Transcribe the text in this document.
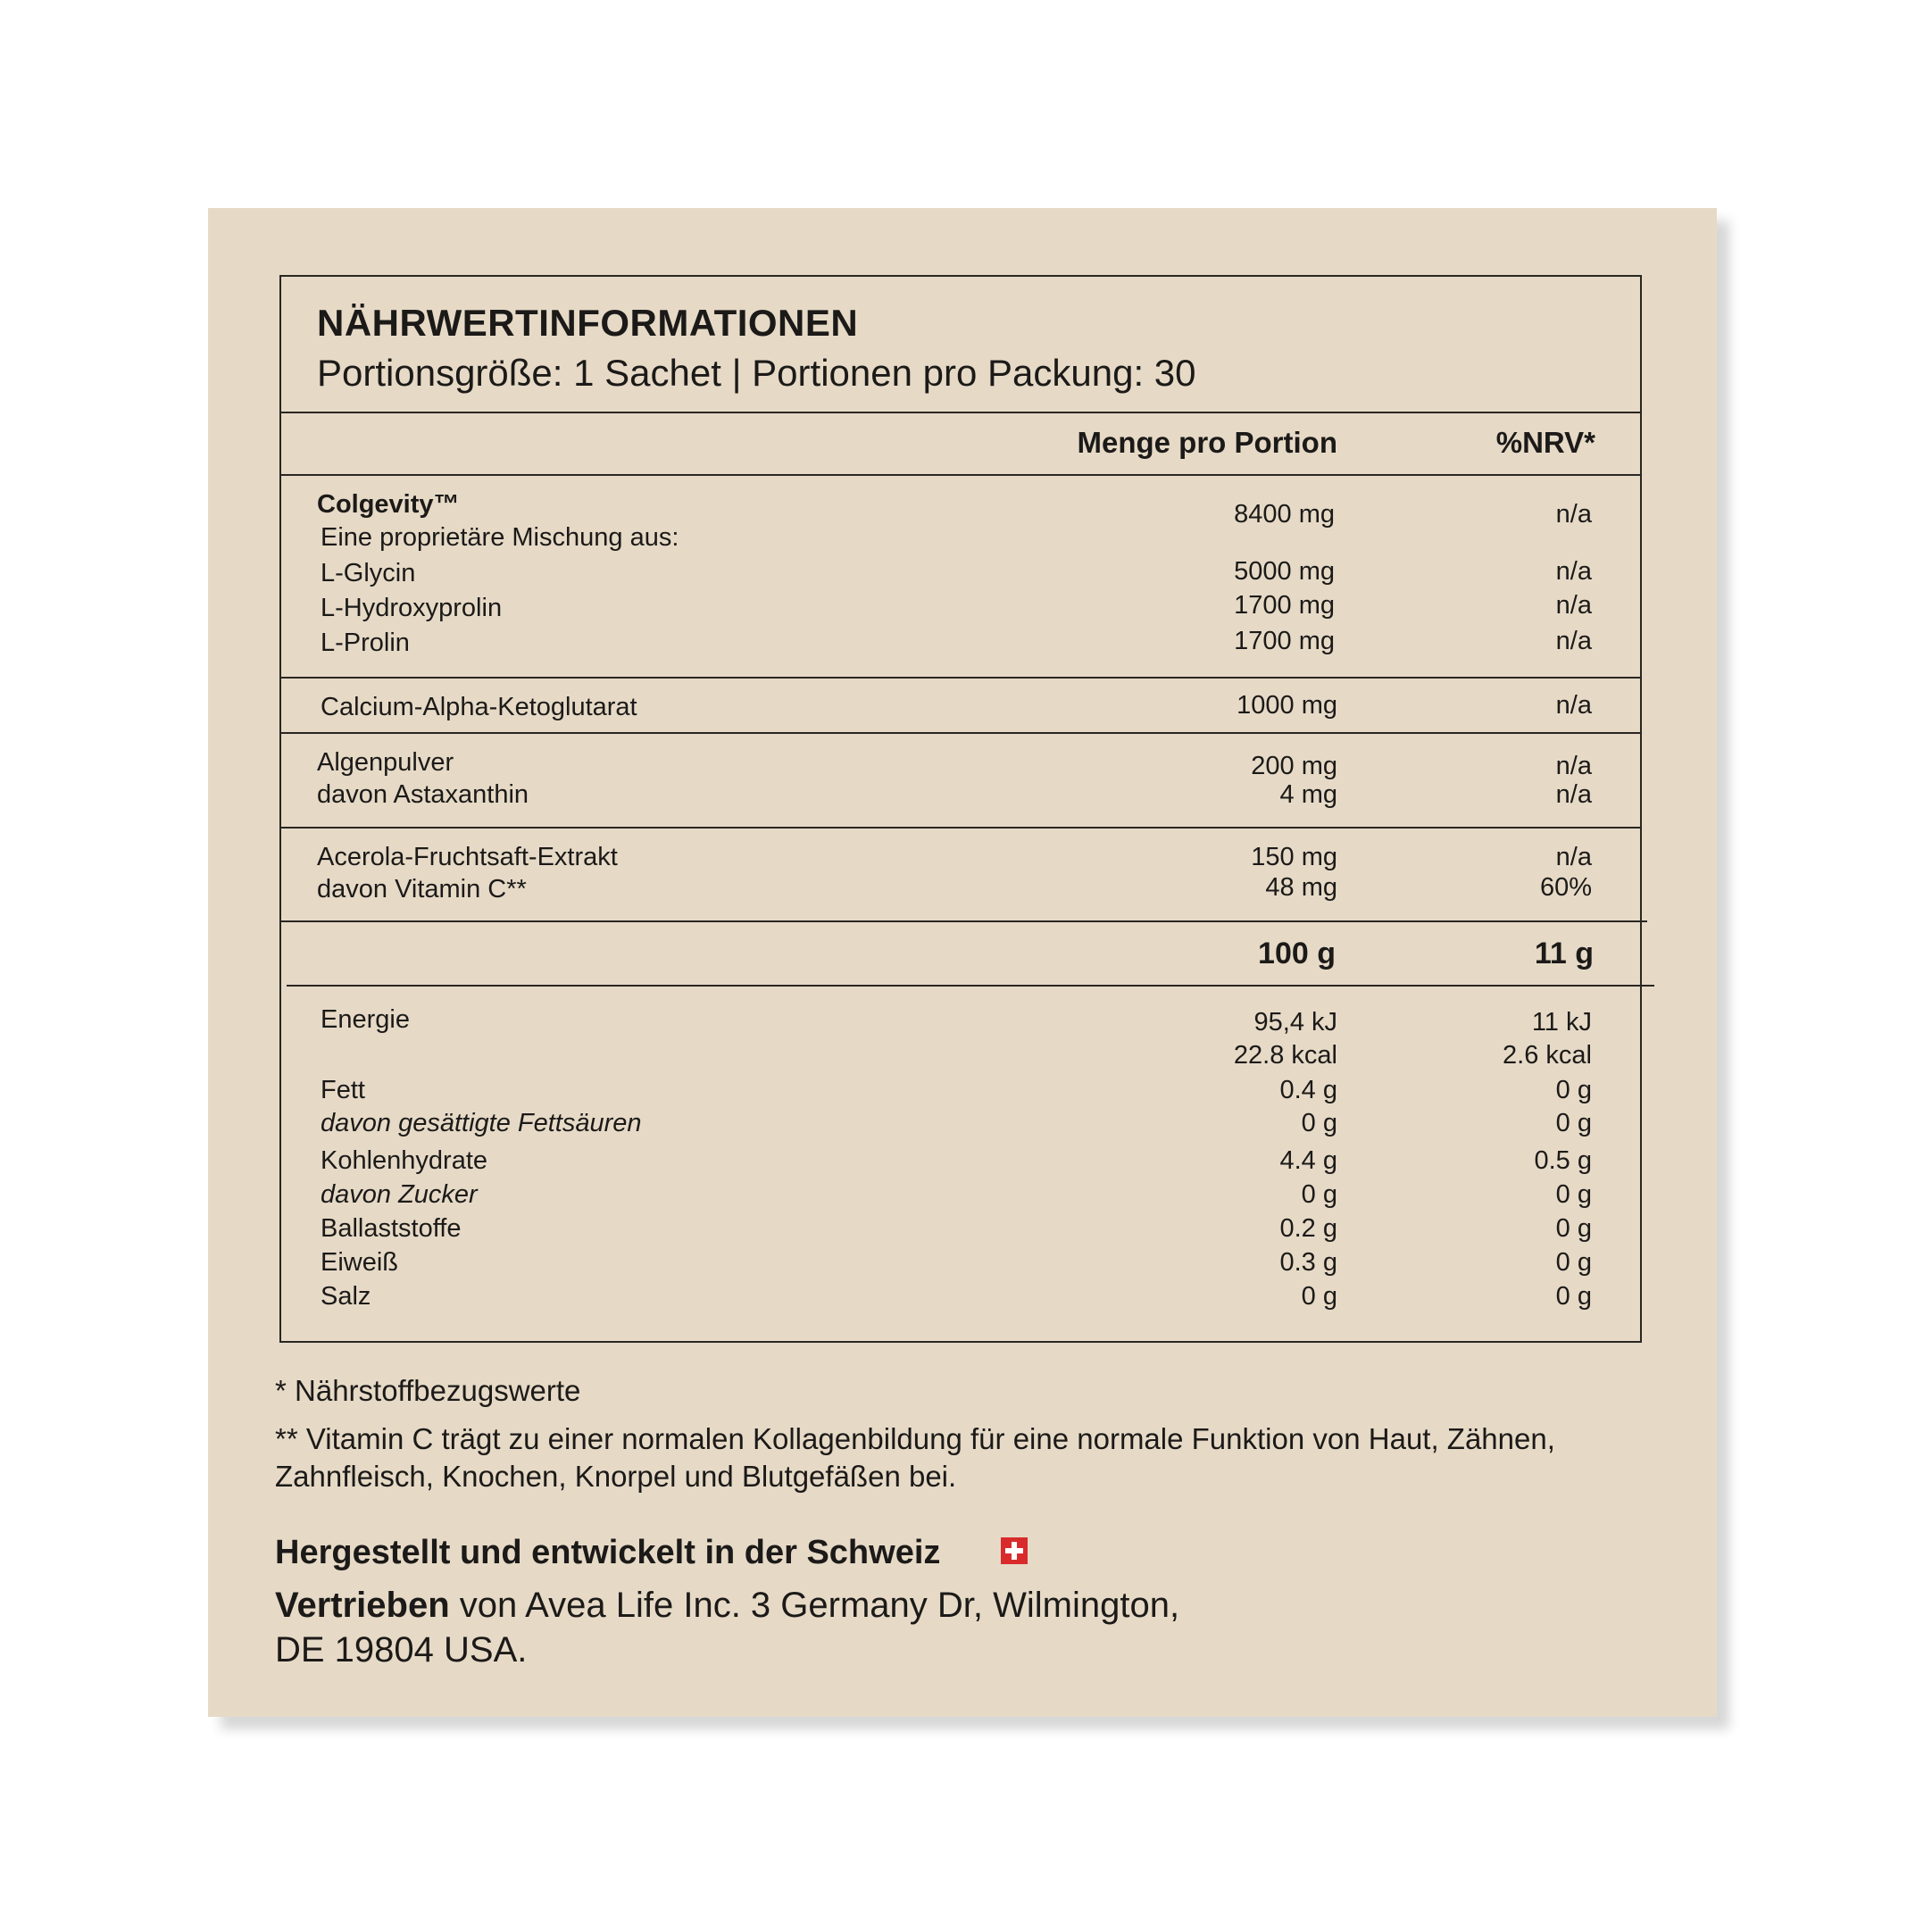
NÄHRWERTINFORMATIONEN
Portionsgröße: 1 Sachet | Portionen pro Packung: 30
Menge pro Portion	%NRV*
Colgevity™	8400 mg	n/a
Eine proprietäre Mischung aus:
L-Glycin	5000 mg	n/a
L-Hydroxyprolin	1700 mg	n/a
L-Prolin	1700 mg	n/a
Calcium-Alpha-Ketoglutarat	1000 mg	n/a
Algenpulver	200 mg	n/a
davon Astaxanthin	4 mg	n/a
Acerola-Fruchtsaft-Extrakt	150 mg	n/a
davon Vitamin C**	48 mg	60%
100 g	11 g
Energie	95,4 kJ	11 kJ
22.8 kcal	2.6 kcal
Fett	0.4 g	0 g
davon gesättigte Fettsäuren	0 g	0 g
Kohlenhydrate	4.4 g	0.5 g
davon Zucker	0 g	0 g
Ballaststoffe	0.2 g	0 g
Eiweiß	0.3 g	0 g
Salz	0 g	0 g
* Nährstoffbezugswerte
** Vitamin C trägt zu einer normalen Kollagenbildung für eine normale Funktion von Haut, Zähnen,
Zahnfleisch, Knochen, Knorpel und Blutgefäßen bei.
Hergestellt und entwickelt in der Schweiz
Vertrieben von Avea Life Inc. 3 Germany Dr, Wilmington,
DE 19804 USA.
